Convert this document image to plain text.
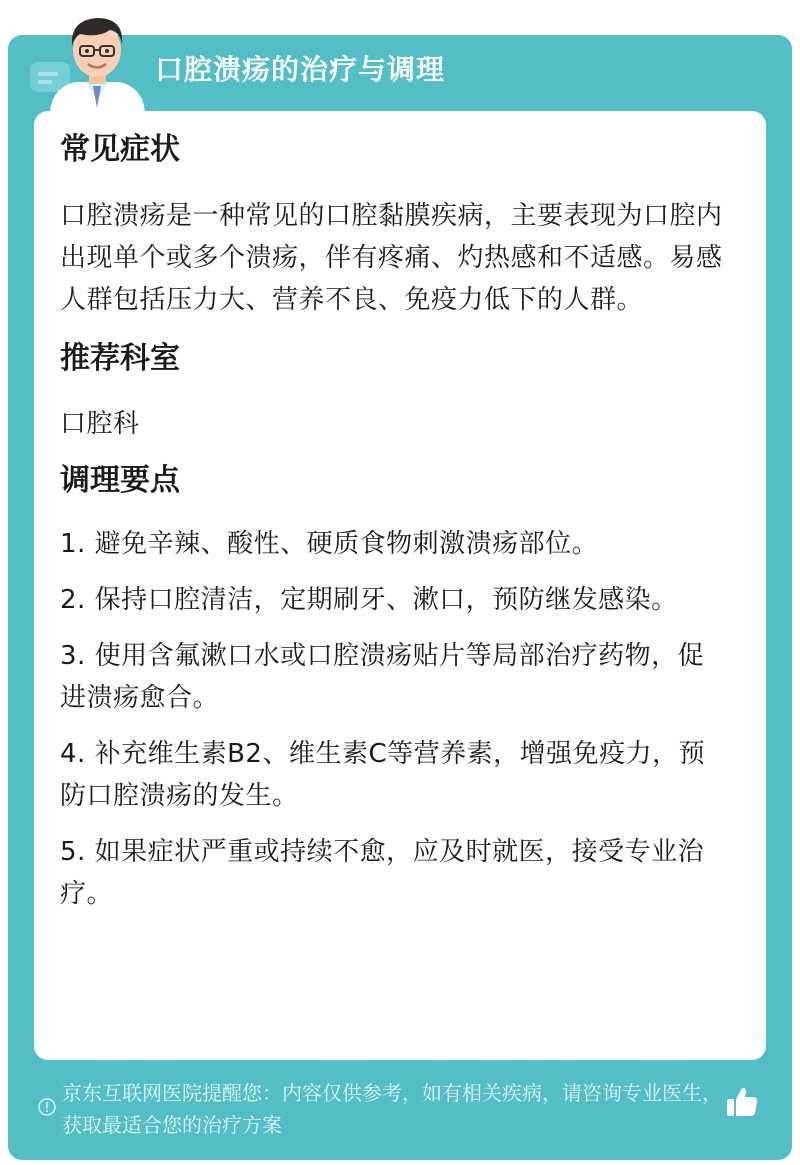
口腔溃疡的治疗与调理
常见症状

口腔溃疡是一种常见的口腔黏膜疾病，主要表现为口腔内出现单个或多个溃疡，伴有疼痛、灼热感和不适感。易感人群包括压力大、营养不良、免疫力低下的人群。

推荐科室

口腔科

调理要点

1. 避免辛辣、酸性、硬质食物刺激溃疡部位。

2. 保持口腔清洁，定期刷牙、漱口，预防继发感染。

3. 使用含氟漱口水或口腔溃疡贴片等局部治疗药物，促进溃疡愈合。

4. 补充维生素B2、维生素C等营养素，增强免疫力，预防口腔溃疡的发生。

5. 如果症状严重或持续不愈，应及时就医，接受专业治疗。

京东互联网医院提醒您：内容仅供参考，如有相关疾病，请咨询专业医生，获取最适合您的治疗方案
